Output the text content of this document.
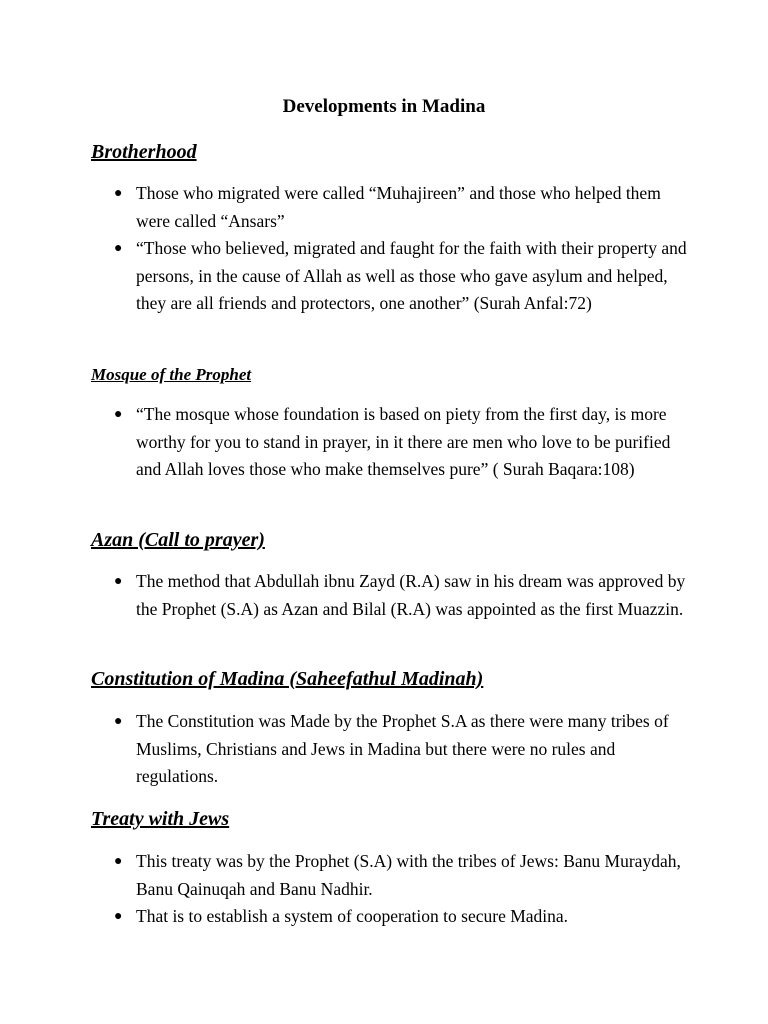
Developments in Madina
Brotherhood
● Those who migrated were called “Muhajireen” and those who helped them were called “Ansars”
● “Those who believed, migrated and faught for the faith with their property and persons, in the cause of Allah as well as those who gave asylum and helped, they are all friends and protectors, one another” (Surah Anfal:72)
Mosque of the Prophet
● “The mosque whose foundation is based on piety from the first day, is more worthy for you to stand in prayer, in it there are men who love to be purified and Allah loves those who make themselves pure” ( Surah Baqara:108)
Azan (Call to prayer)
● The method that Abdullah ibnu Zayd (R.A) saw in his dream was approved by the Prophet (S.A) as Azan and Bilal (R.A) was appointed as the first Muazzin.
Constitution of Madina (Saheefathul Madinah)
● The Constitution was Made by the Prophet S.A as there were many tribes of Muslims, Christians and Jews in Madina but there were no rules and regulations.
Treaty with Jews
● This treaty was by the Prophet (S.A) with the tribes of Jews: Banu Muraydah, Banu Qainuqah and Banu Nadhir.
● That is to establish a system of cooperation to secure Madina.
